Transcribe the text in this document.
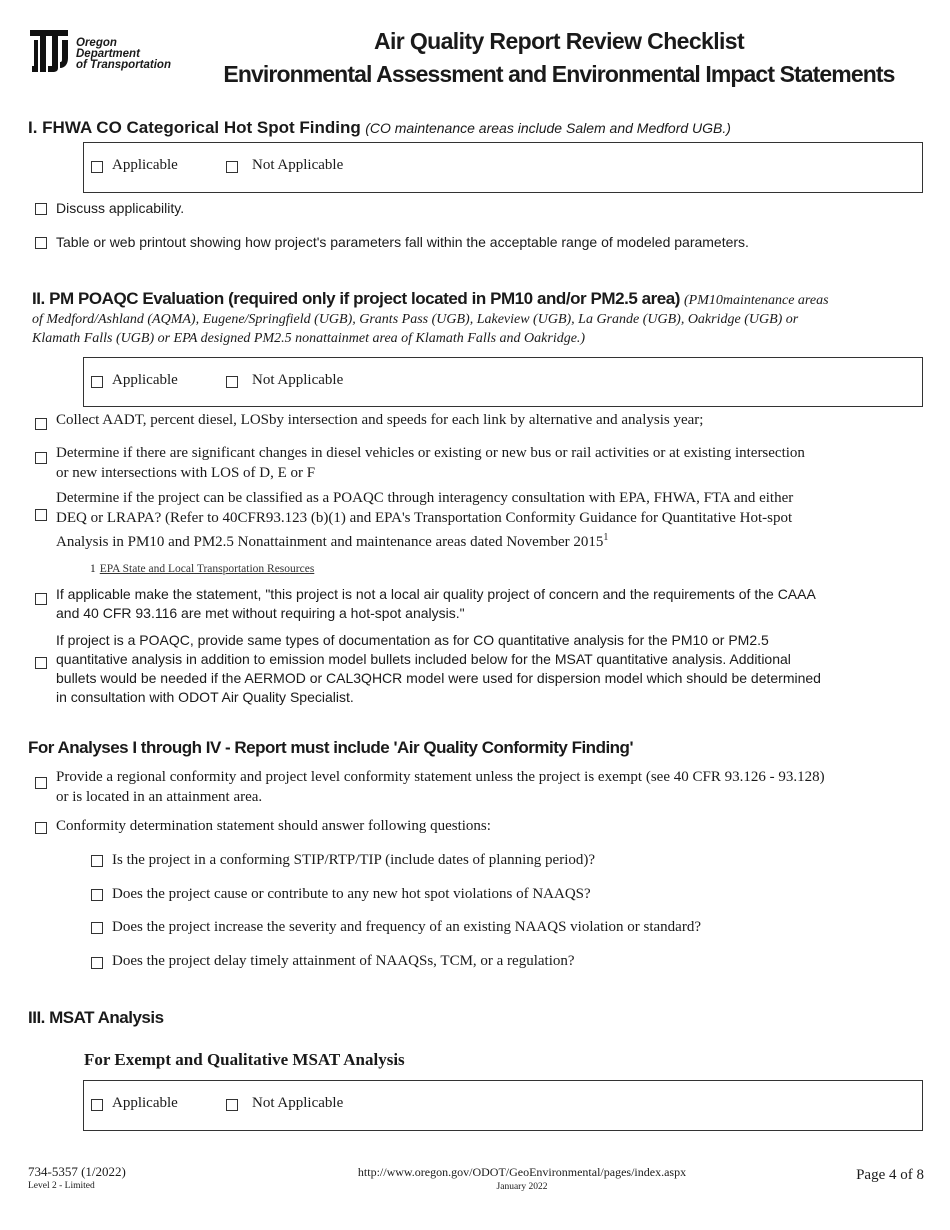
Oregon
Department
of Transportation
Air Quality Report Review Checklist
Environmental Assessment and Environmental Impact Statements
I. FHWA CO Categorical Hot Spot Finding (CO maintenance areas include Salem and Medford UGB.)
Applicable	Not Applicable
Discuss applicability.
Table or web printout showing how project's parameters fall within the acceptable range of modeled parameters.
II. PM POAQC Evaluation (required only if project located in PM10 and/or PM2.5 area) (PM10maintenance areas
of Medford/Ashland (AQMA), Eugene/Springfield (UGB), Grants Pass (UGB), Lakeview (UGB), La Grande (UGB), Oakridge (UGB) or
Klamath Falls (UGB) or EPA designed PM2.5 nonattainmet area of Klamath Falls and Oakridge.)
Applicable	Not Applicable
Collect AADT, percent diesel, LOSby intersection and speeds for each link by alternative and analysis year;
Determine if there are significant changes in diesel vehicles or existing or new bus or rail activities or at existing intersection
or new intersections with LOS of D, E or F
Determine if the project can be classified as a POAQC through interagency consultation with EPA, FHWA, FTA and either
DEQ or LRAPA? (Refer to 40CFR93.123 (b)(1) and EPA's Transportation Conformity Guidance for Quantitative Hot-spot
Analysis in PM10 and PM2.5 Nonattainment and maintenance areas dated November 2015$^1$
1 EPA State and Local Transportation Resources
If applicable make the statement, "this project is not a local air quality project of concern and the requirements of the CAAA
and 40 CFR 93.116 are met without requiring a hot-spot analysis."
If project is a POAQC, provide same types of documentation as for CO quantitative analysis for the PM10 or PM2.5
quantitative analysis in addition to emission model bullets included below for the MSAT quantitative analysis. Additional
bullets would be needed if the AERMOD or CAL3QHCR model were used for dispersion model which should be determined
in consultation with ODOT Air Quality Specialist.
For Analyses I through IV - Report must include 'Air Quality Conformity Finding'
Provide a regional conformity and project level conformity statement unless the project is exempt (see 40 CFR 93.126 - 93.128)
or is located in an attainment area.
Conformity determination statement should answer following questions:
Is the project in a conforming STIP/RTP/TIP (include dates of planning period)?
Does the project cause or contribute to any new hot spot violations of NAAQS?
Does the project increase the severity and frequency of an existing NAAQS violation or standard?
Does the project delay timely attainment of NAAQSs, TCM, or a regulation?
III. MSAT Analysis
For Exempt and Qualitative MSAT Analysis
Applicable	Not Applicable
734-5357 (1/2022)
Level 2 - Limited
http://www.oregon.gov/ODOT/GeoEnvironmental/pages/index.aspx
January 2022
Page 4 of 8
